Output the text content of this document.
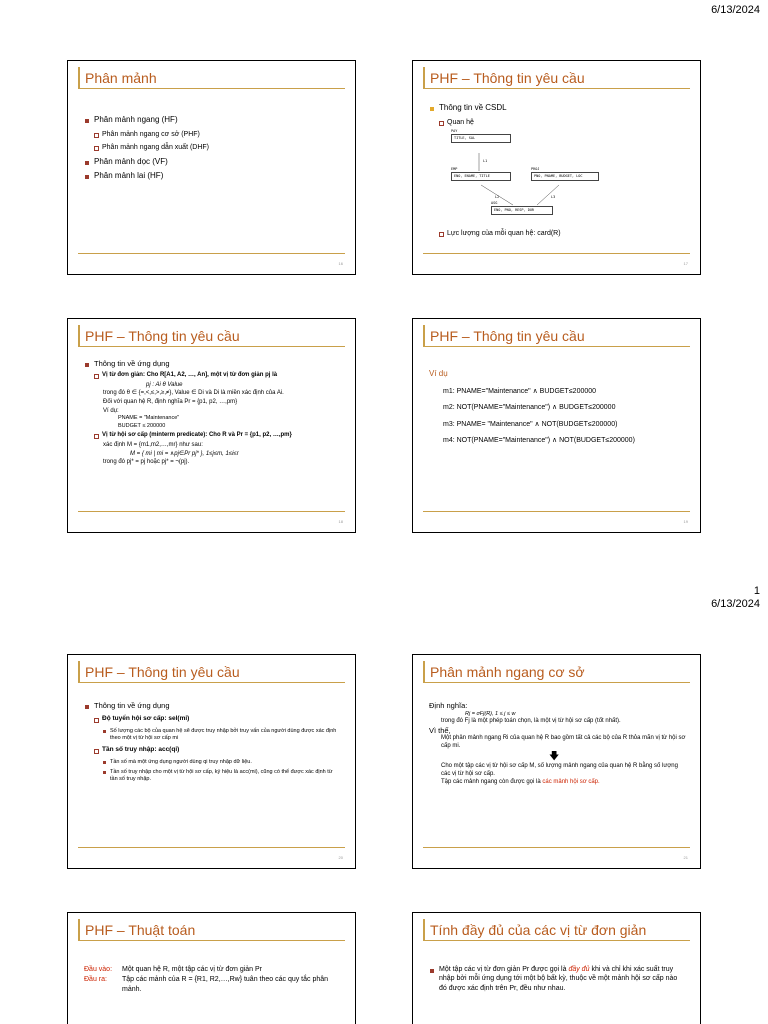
6/13/2024
1
6/13/2024
Phân mảnh
Phân mảnh ngang (HF)
Phân mảnh ngang cơ sở (PHF)
Phân mảnh ngang dẫn xuất (DHF)
Phân mảnh dọc (VF)
Phân mảnh lai (HF)
16
PHF – Thông tin yêu cầu
Thông tin về CSDL
Quan hệ
PAY
TITLE, SAL
L1
EMP
ENO, ENAME, TITLE
PROJ
PNO, PNAME, BUDGET, LOC
L2	L3
ASG
ENO, PNO, RESP, DUR
Lực lượng của mỗi quan hệ: card(R)
17
PHF – Thông tin yêu cầu
Thông tin về ứng dụng
Vị từ đơn giản: Cho R[A1, A2, …, An], một vị từ đơn giản pj là
pj : Ai θ Value
trong đó θ ∈ {=,<,≤,>,≥,≠}, Value ∈ Di và Di là miền xác định của Ai.
Đối với quan hệ R, định nghĩa Pr = {p1, p2, …,pm}
Ví dụ:
PNAME = "Maintenance"
BUDGET ≤ 200000
Vị từ hội sơ cấp (minterm predicate): Cho R và Pr = {p1, p2, …,pm}
xác định M = {m1,m2,…,mr} như sau:
M = { mi | mi = ∧pj∈Pr pj* }, 1≤j≤m, 1≤i≤r
trong đó pj* = pj hoặc pj* = ¬(pj).
18
PHF – Thông tin yêu cầu
Ví dụ
m1: PNAME="Maintenance" ∧ BUDGET≤200000
m2: NOT(PNAME="Maintenance") ∧ BUDGET≤200000
m3: PNAME= "Maintenance" ∧ NOT(BUDGET≤200000)
m4: NOT(PNAME="Maintenance") ∧ NOT(BUDGET≤200000)
19
PHF – Thông tin yêu cầu
Thông tin về ứng dụng
Độ tuyển hội sơ cấp: sel(mi)
Số lượng các bộ của quan hệ sẽ được truy nhập bởi truy vấn của người dùng được xác định theo một vị từ hội sơ cấp mi
Tần số truy nhập: acc(qi)
Tần số mà một ứng dụng người dùng qi truy nhập dữ liệu.
Tần số truy nhập cho một vị từ hội sơ cấp, ký hiệu là acc(mi), cũng có thể được xác định từ tần số truy nhập.
20
Phân mảnh ngang cơ sở
Định nghĩa:
Rj = σFj(R), 1 ≤ j ≤ w
trong đó Fj là một phép toán chọn, là một vị từ hội sơ cấp (tốt nhất).
Vì thế,
Một phân mảnh ngang Ri của quan hệ R bao gồm tất cả các bộ của R thỏa mãn vị từ hội sơ cấp mi.
🡇
Cho một tập các vị từ hội sơ cấp M, số lượng mảnh ngang của quan hệ R bằng số lượng các vị từ hội sơ cấp.
Tập các mảnh ngang còn được gọi là các mảnh hội sơ cấp.
21
PHF – Thuật toán
Đầu vào:	Một quan hệ R, một tập các vị từ đơn giản Pr
Đầu ra:	Tập các mảnh của R = {R1, R2,…,Rw} tuân theo các quy tắc phân mảnh.
Tính đầy đủ của các vị từ đơn giản
Một tập các vị từ đơn giản Pr được gọi là đầy đủ khi và chỉ khi xác suất truy nhập bởi mỗi ứng dụng tới một bộ bất kỳ, thuộc về một mảnh hội sơ cấp nào đó được xác định trên Pr, đều như nhau.
